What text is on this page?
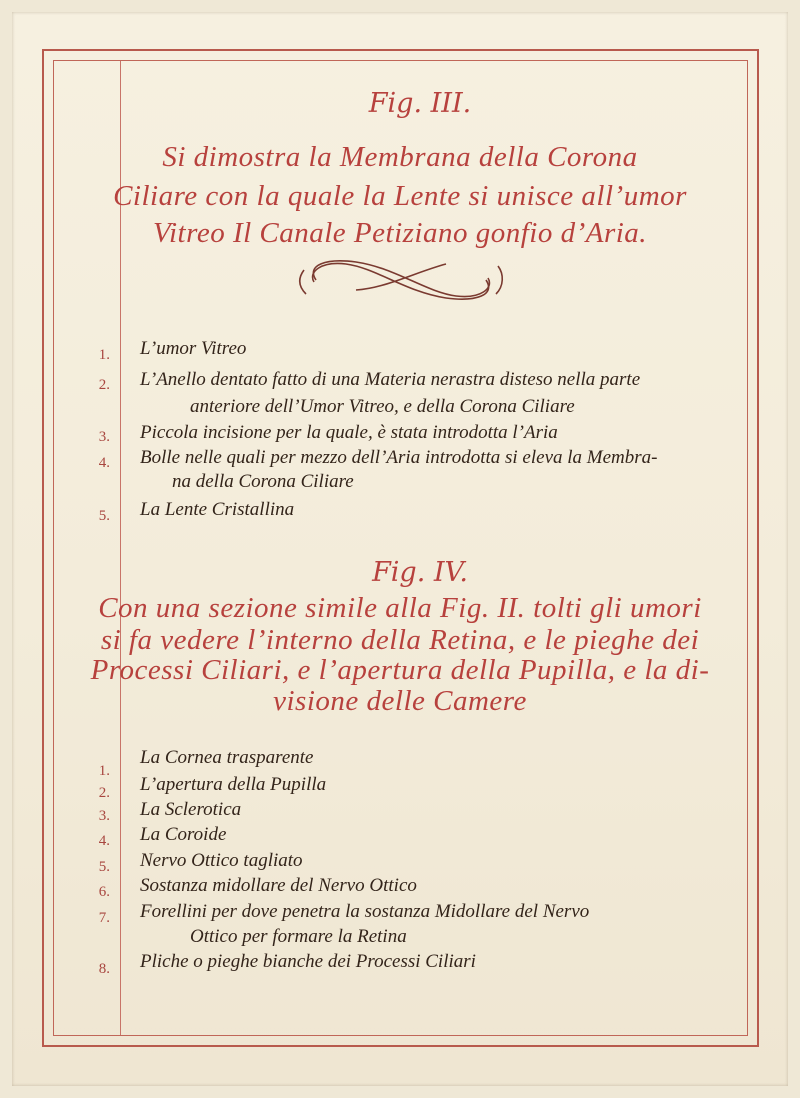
Fig. III.
Si dimostra la Membrana della Corona
Ciliare con la quale la Lente si unisce all’umor
Vitreo Il Canale Petiziano gonfio d’Aria.
1. L’umor Vitreo
2. L’Anello dentato fatto di una Materia nerastra disteso nella parte
anteriore dell’Umor Vitreo, e della Corona Ciliare
3. Piccola incisione per la quale, è stata introdotta l’Aria
4. Bolle nelle quali per mezzo dell’Aria introdotta si eleva la Membra-
na della Corona Ciliare
5. La Lente Cristallina
Fig. IV.
Con una sezione simile alla Fig. II. tolti gli umori
si fa vedere l’interno della Retina, e le pieghe dei
Processi Ciliari, e l’apertura della Pupilla, e la di-
visione delle Camere
1.
La Cornea trasparente
2. L’apertura della Pupilla
3. La Sclerotica
4. La Coroide
5. Nervo Ottico tagliato
6. Sostanza midollare del Nervo Ottico
7. Forellini per dove penetra la sostanza Midollare del Nervo
Ottico per formare la Retina
8. Pliche o pieghe bianche dei Processi Ciliari
